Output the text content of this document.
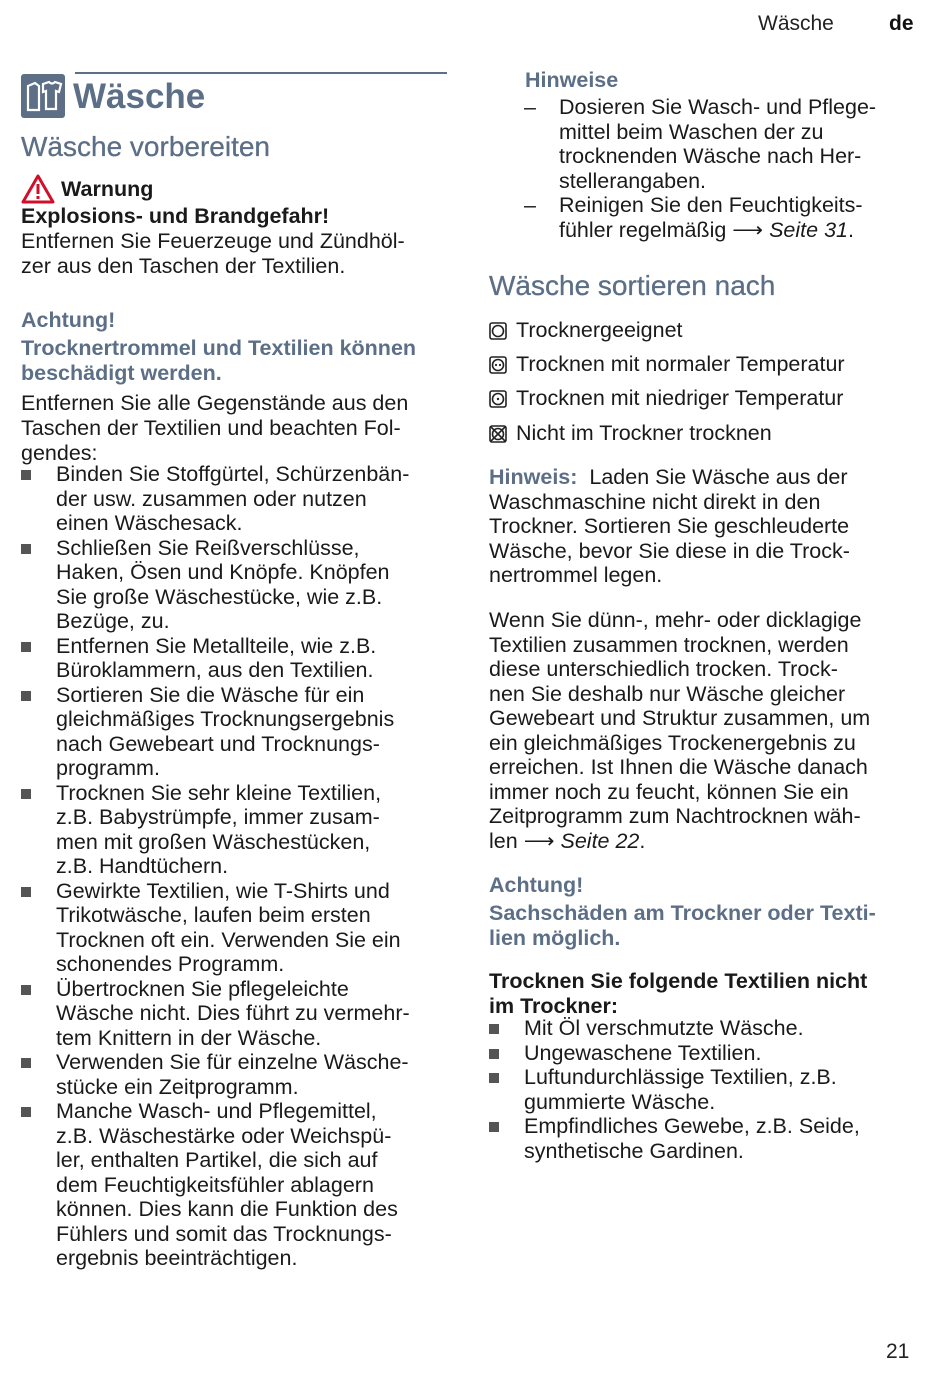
Wäsche	de
Wäsche
Wäsche vorbereiten
Warnung
Explosions- und Brandgefahr!
Entfernen Sie Feuerzeuge und Zündhöl-
zer aus den Taschen der Textilien.
Achtung!
Trocknertrommel und Textilien können
beschädigt werden.
Entfernen Sie alle Gegenstände aus den
Taschen der Textilien und beachten Fol-
gendes:
Binden Sie Stoffgürtel, Schürzenbän-
der usw. zusammen oder nutzen
einen Wäschesack.
Schließen Sie Reißverschlüsse,
Haken, Ösen und Knöpfe. Knöpfen
Sie große Wäschestücke, wie z.B.
Bezüge, zu.
Entfernen Sie Metallteile, wie z.B.
Büroklammern, aus den Textilien.
Sortieren Sie die Wäsche für ein
gleichmäßiges Trocknungsergebnis
nach Gewebeart und Trocknungs-
programm.
Trocknen Sie sehr kleine Textilien,
z.B. Babystrümpfe, immer zusam-
men mit großen Wäschestücken,
z.B. Handtüchern.
Gewirkte Textilien, wie T-Shirts und
Trikotwäsche, laufen beim ersten
Trocknen oft ein. Verwenden Sie ein
schonendes Programm.
Übertrocknen Sie pflegeleichte
Wäsche nicht. Dies führt zu vermehr-
tem Knittern in der Wäsche.
Verwenden Sie für einzelne Wäsche-
stücke ein Zeitprogramm.
Manche Wasch- und Pflegemittel,
z.B. Wäschestärke oder Weichspü-
ler, enthalten Partikel, die sich auf
dem Feuchtigkeitsfühler ablagern
können. Dies kann die Funktion des
Fühlers und somit das Trocknungs-
ergebnis beeinträchtigen.
Hinweise
– Dosieren Sie Wasch- und Pflege-
mittel beim Waschen der zu
trocknenden Wäsche nach Her-
stellerangaben.
– Reinigen Sie den Feuchtigkeits-
fühler regelmäßig ⟶ Seite 31.
Wäsche sortieren nach
Trocknergeeignet
Trocknen mit normaler Temperatur
Trocknen mit niedriger Temperatur
Nicht im Trockner trocknen
Hinweis: Laden Sie Wäsche aus der
Waschmaschine nicht direkt in den
Trockner. Sortieren Sie geschleuderte
Wäsche, bevor Sie diese in die Trock-
nertrommel legen.
Wenn Sie dünn-, mehr- oder dicklagige
Textilien zusammen trocknen, werden
diese unterschiedlich trocken. Trock-
nen Sie deshalb nur Wäsche gleicher
Gewebeart und Struktur zusammen, um
ein gleichmäßiges Trockenergebnis zu
erreichen. Ist Ihnen die Wäsche danach
immer noch zu feucht, können Sie ein
Zeitprogramm zum Nachtrocknen wäh-
len ⟶ Seite 22.
Achtung!
Sachschäden am Trockner oder Texti-
lien möglich.
Trocknen Sie folgende Textilien nicht
im Trockner:
Mit Öl verschmutzte Wäsche.
Ungewaschene Textilien.
Luftundurchlässige Textilien, z.B.
gummierte Wäsche.
Empfindliches Gewebe, z.B. Seide,
synthetische Gardinen.
21
